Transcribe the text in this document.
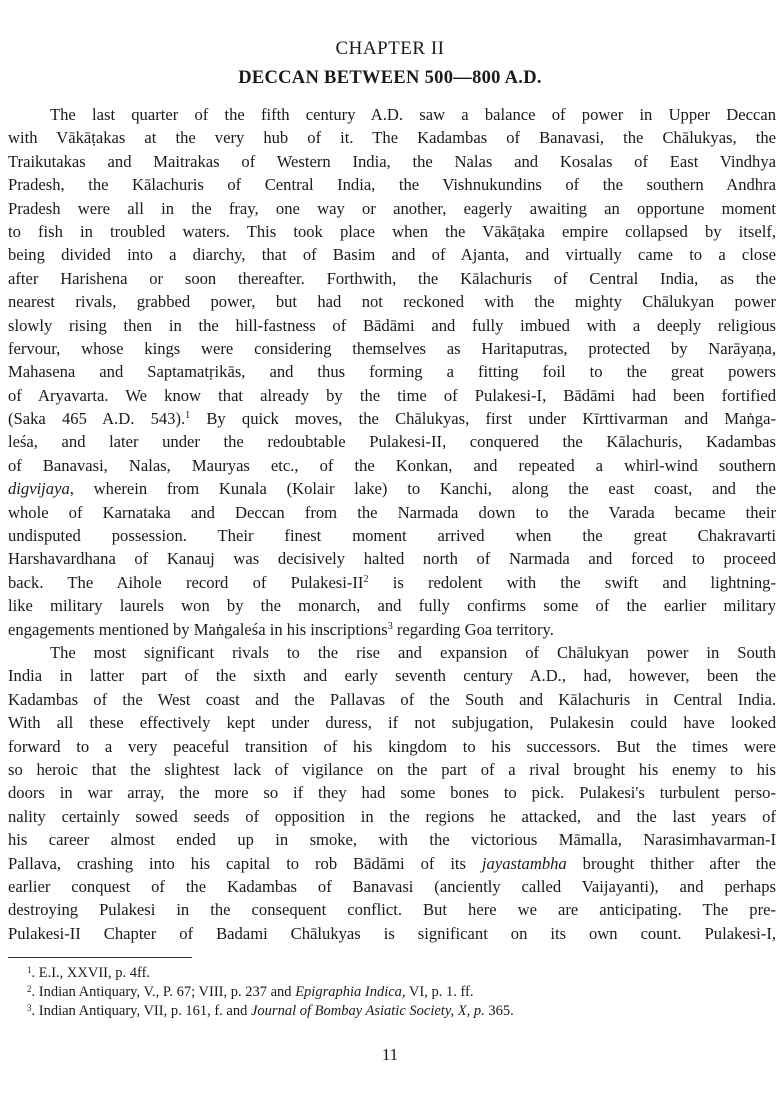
CHAPTER II
DECCAN BETWEEN 500—800 A.D.
The last quarter of the fifth century A.D. saw a balance of power in Upper Deccan
with Vākāṭakas at the very hub of it. The Kadambas of Banavasi, the Chālukyas, the
Traikutakas and Maitrakas of Western India, the Nalas and Kosalas of East Vindhya
Pradesh, the Kālachuris of Central India, the Vishnukundins of the southern Andhra
Pradesh were all in the fray, one way or another, eagerly awaiting an opportune moment
to fish in troubled waters. This took place when the Vākāṭaka empire collapsed by itself,
being divided into a diarchy, that of Basim and of Ajanta, and virtually came to a close
after Harishena or soon thereafter. Forthwith, the Kālachuris of Central India, as the
nearest rivals, grabbed power, but had not reckoned with the mighty Chālukyan power
slowly rising then in the hill-fastness of Bādāmi and fully imbued with a deeply religious
fervour, whose kings were considering themselves as Haritaputras, protected by Narāyaṇa,
Mahasena and Saptamatṛikās, and thus forming a fitting foil to the great powers
of Aryavarta. We know that already by the time of Pulakesi-I, Bādāmi had been fortified
(Saka 465 A.D. 543).$^1$ By quick moves, the Chālukyas, first under Kīrttivarman and Maṅga-
leśa, and later under the redoubtable Pulakesi-II, conquered the Kālachuris, Kadambas
of Banavasi, Nalas, Mauryas etc., of the Konkan, and repeated a whirl-wind southern
digvijaya, wherein from Kunala (Kolair lake) to Kanchi, along the east coast, and the
whole of Karnataka and Deccan from the Narmada down to the Varada became their
undisputed possession. Their finest moment arrived when the great Chakravarti
Harshavardhana of Kanauj was decisively halted north of Narmada and forced to proceed
back. The Aihole record of Pulakesi-$II^2$ is redolent with the swift and lightning-
like military laurels won by the monarch, and fully confirms some of the earlier military
engagements mentioned by Maṅgaleśa in his inscriptions$^3$ regarding Goa territory.
The most significant rivals to the rise and expansion of Chālukyan power in South
India in latter part of the sixth and early seventh century A.D., had, however, been the
Kadambas of the West coast and the Pallavas of the South and Kālachuris in Central India.
With all these effectively kept under duress, if not subjugation, Pulakesin could have looked
forward to a very peaceful transition of his kingdom to his successors. But the times were
so heroic that the slightest lack of vigilance on the part of a rival brought his enemy to his
doors in war array, the more so if they had some bones to pick. Pulakesi's turbulent perso-
nality certainly sowed seeds of opposition in the regions he attacked, and the last years of
his career almost ended up in smoke, with the victorious Māmalla, Narasimhavarman-I
Pallava, crashing into his capital to rob Bādāmi of its jayastambha brought thither after the
earlier conquest of the Kadambas of Banavasi (anciently called Vaijayanti), and perhaps
destroying Pulakesi in the consequent conflict. But here we are anticipating. The pre-
Pulakesi-II Chapter of Badami Chālukyas is significant on its own count. Pulakesi-I,
$^1$. E.I., XXVII, p. 4ff.
$^2$. Indian Antiquary, V., P. 67; VIII, p. 237 and Epigraphia Indica, VI, p. 1. ff.
$^3$. Indian Antiquary, VII, p. 161, f. and Journal of Bombay Asiatic Society, X, p. 365.
11
